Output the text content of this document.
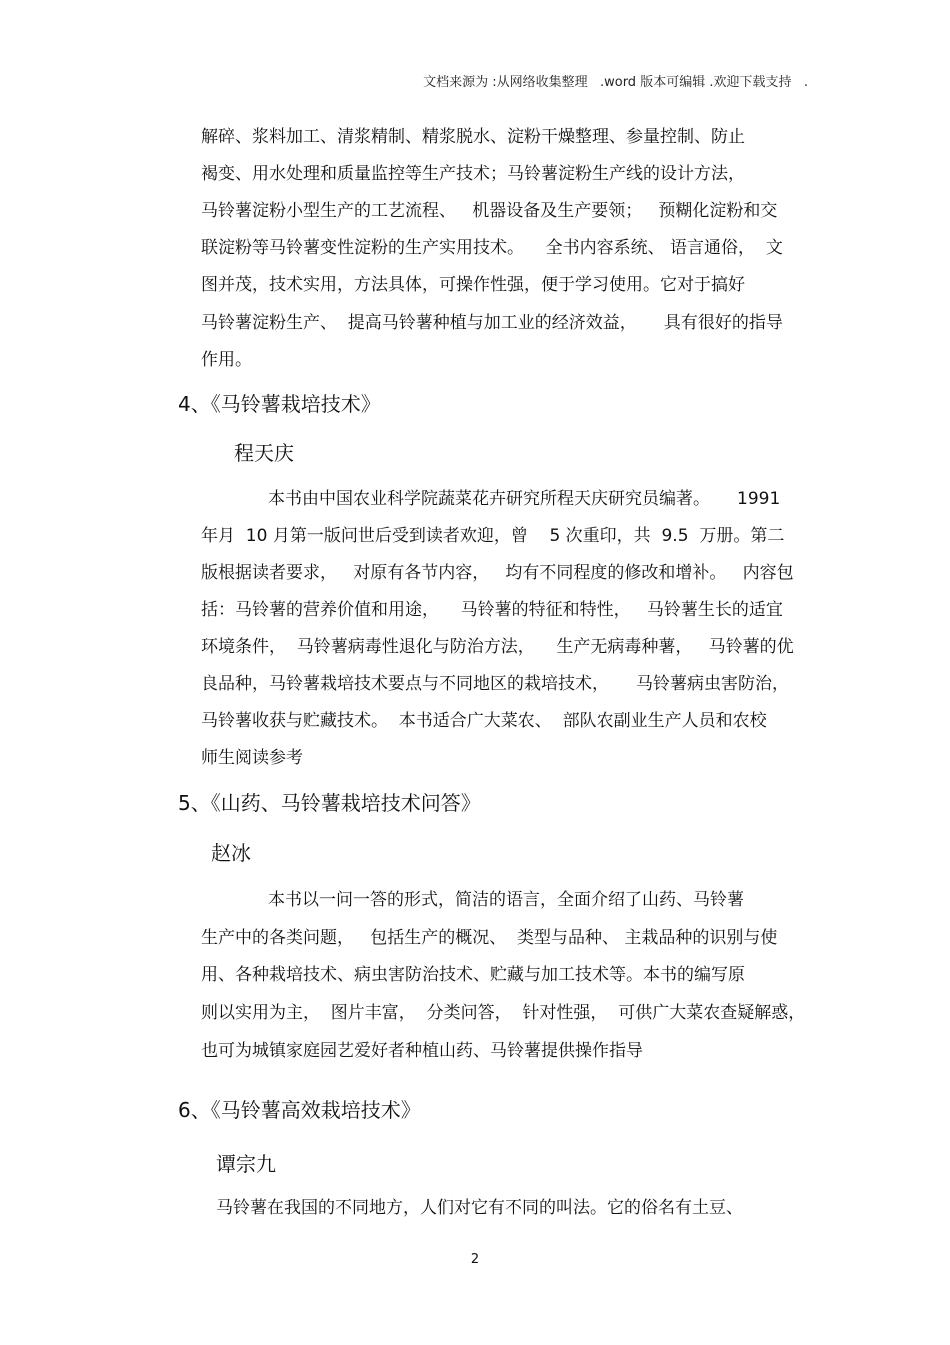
文档来源为 :从网络收集整理   .word 版本可编辑 .欢迎下载支持   .
解碎、浆料加工、清浆精制、精浆脱水、淀粉干燥整理、参量控制、防止
褐变、用水处理和质量监控等生产技术；马铃薯淀粉生产线的设计方法，
马铃薯淀粉小型生产的工艺流程、   机器设备及生产要领；   预糊化淀粉和交
联淀粉等马铃薯变性淀粉的生产实用技术。    全书内容系统、 语言通俗，  文
图并茂，技术实用，方法具体，可操作性强，便于学习使用。它对于搞好
马铃薯淀粉生产、  提高马铃薯种植与加工业的经济效益，     具有很好的指导
作用。
4、《马铃薯栽培技术》
程天庆
本书由中国农业科学院蔬菜花卉研究所程天庆研究员编著。     1991
年月  10 月第一版问世后受到读者欢迎，曾    5 次重印，共  9.5  万册。第二
版根据读者要求，   对原有各节内容，   均有不同程度的修改和增补。   内容包
括：马铃薯的营养价值和用途，    马铃薯的特征和特性，   马铃薯生长的适宜
环境条件，  马铃薯病毒性退化与防治方法，    生产无病毒种薯，   马铃薯的优
良品种，马铃薯栽培技术要点与不同地区的栽培技术，     马铃薯病虫害防治，
马铃薯收获与贮藏技术。  本书适合广大菜农、  部队农副业生产人员和农校
师生阅读参考
5、《山药、马铃薯栽培技术问答》
赵冰
本书以一问一答的形式，简洁的语言，全面介绍了山药、马铃薯
生产中的各类问题，   包括生产的概况、  类型与品种、 主栽品种的识别与使
用、各种栽培技术、病虫害防治技术、贮藏与加工技术等。本书的编写原
则以实用为主，  图片丰富，  分类问答，  针对性强，  可供广大菜农查疑解惑，
也可为城镇家庭园艺爱好者种植山药、马铃薯提供操作指导
6、《马铃薯高效栽培技术》
谭宗九
马铃薯在我国的不同地方，人们对它有不同的叫法。它的俗名有土豆、
2
